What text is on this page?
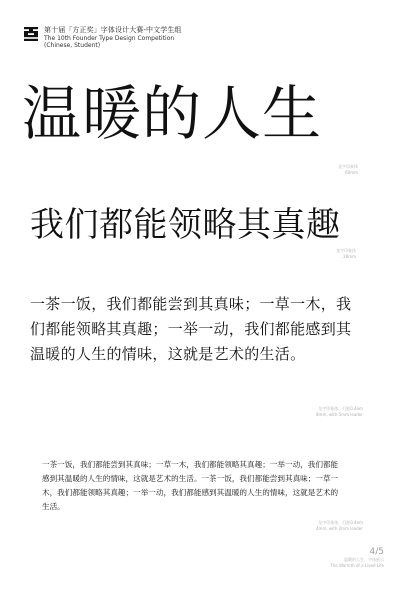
第十届「方正奖」字体设计大赛-中文学生组
The 10th Founder Type Design Competition
(Chinese, Student)
温暖的人生
龙字印象体
60mm
我们都能领略其真趣
龙字印象体
28mm
一茶一饭，我们都能尝到其真味；一草一木，我们都能领略其真趣；一举一动，我们都能感到其温暖的人生的情味，这就是艺术的生活。
龙字印象体，行距0.4em
8mm, with 5mm leader
一茶一饭，我们都能尝到其真味；一草一木，我们都能领略其真趣；一举一动，我们都能感到其温暖的人生的情味，这就是艺术的生活。一茶一饭，我们都能尝到其真味；一草一木，我们都能领略其真趣；一举一动，我们都能感到其温暖的人生的情味，这就是艺术的生活。
龙字印象体，行距0.4em
4mm, with 2mm leader
4/5
温暖的人生，字体展示
The Warmth of a Lived Life
